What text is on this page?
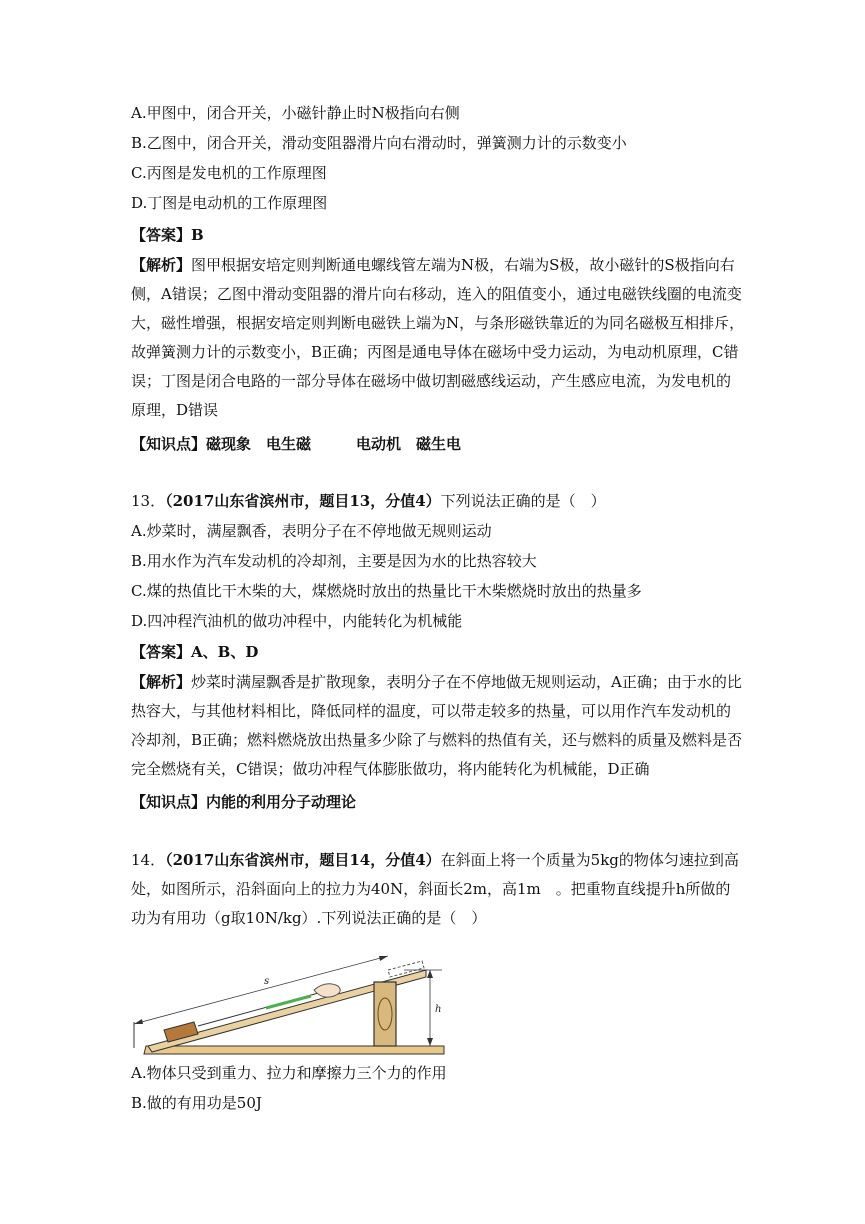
A.甲图中，闭合开关，小磁针静止时N极指向右侧
B.乙图中，闭合开关，滑动变阻器滑片向右滑动时，弹簧测力计的示数变小
C.丙图是发电机的工作原理图
D.丁图是电动机的工作原理图
【答案】B
【解析】图甲根据安培定则判断通电螺线管左端为N极，右端为S极，故小磁针的S极指向右侧，A错误；乙图中滑动变阻器的滑片向右移动，连入的阻值变小，通过电磁铁线圈的电流变大，磁性增强，根据安培定则判断电磁铁上端为N，与条形磁铁靠近的为同名磁极互相排斥，故弹簧测力计的示数变小，B正确；丙图是通电导体在磁场中受力运动，为电动机原理，C错误；丁图是闭合电路的一部分导体在磁场中做切割磁感线运动，产生感应电流，为发电机的原理，D错误
【知识点】磁现象　电生磁　　　电动机　磁生电
13．（2017山东省滨州市，题目13，分值4）下列说法正确的是（　）
A.炒菜时，满屋飘香，表明分子在不停地做无规则运动
B.用水作为汽车发动机的冷却剂，主要是因为水的比热容较大
C.煤的热值比干木柴的大，煤燃烧时放出的热量比干木柴燃烧时放出的热量多
D.四冲程汽油机的做功冲程中，内能转化为机械能
【答案】A、B、D
【解析】炒菜时满屋飘香是扩散现象，表明分子在不停地做无规则运动，A正确；由于水的比热容大，与其他材料相比，降低同样的温度，可以带走较多的热量，可以用作汽车发动机的冷却剂，B正确；燃料燃烧放出热量多少除了与燃料的热值有关，还与燃料的质量及燃料是否完全燃烧有关，C错误；做功冲程气体膨胀做功，将内能转化为机械能，D正确
【知识点】内能的利用分子动理论
14．（2017山东省滨州市，题目14，分值4）在斜面上将一个质量为5kg的物体匀速拉到高处，如图所示，沿斜面向上的拉力为40N，斜面长2m，高1m　。把重物直线提升h所做的功为有用功（g取10N/kg）.下列说法正确的是（　）
s
h
A.物体只受到重力、拉力和摩擦力三个力的作用
B.做的有用功是50J
